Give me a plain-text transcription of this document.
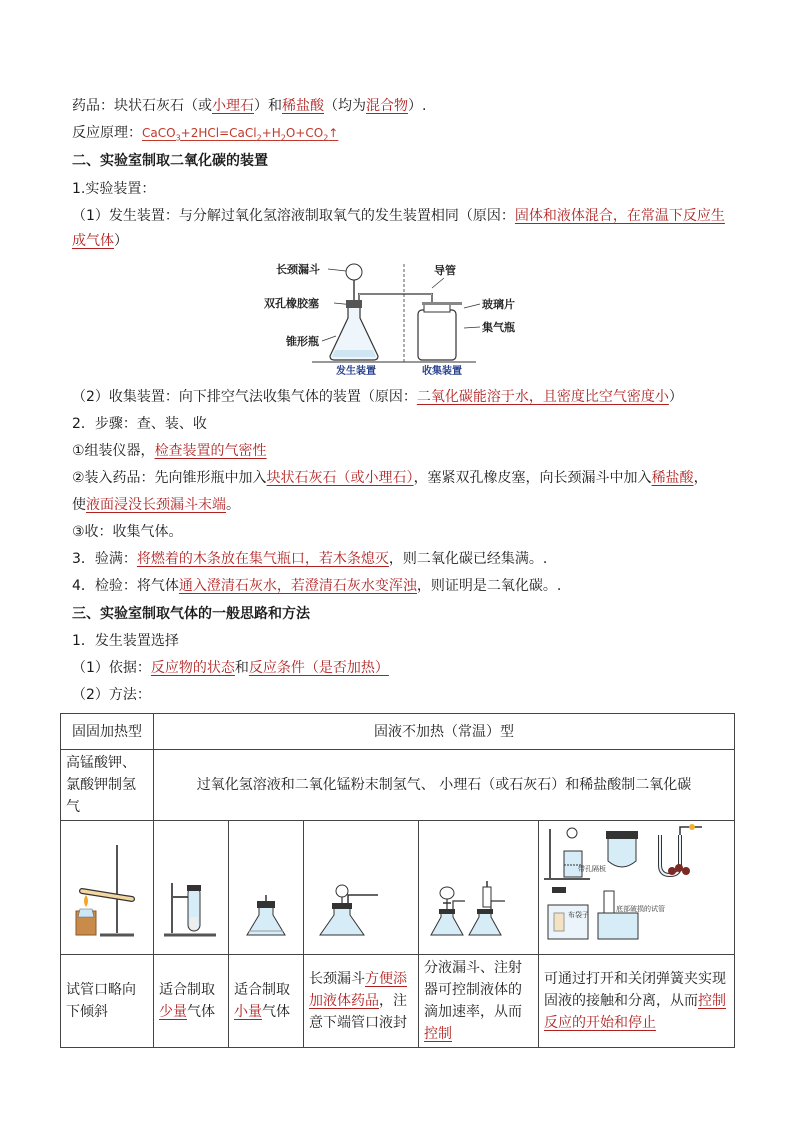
药品：块状石灰石（或小理石）和稀盐酸（均为混合物）.
反应原理：$CaCO_3+2HCl=CaCl_2+H_2O+CO_2↑$
二、实验室制取二氧化碳的装置
1.实验装置：
（1）发生装置：与分解过氧化氢溶液制取氧气的发生装置相同（原因：固体和液体混合，在常温下反应生
成气体）
长颈漏斗
双孔橡胶塞
锥形瓶
导管
玻璃片
集气瓶
发生装置	收集装置
（2）收集装置：向下排空气法收集气体的装置（原因：二氧化碳能溶于水，且密度比空气密度小）
2．步骤：查、装、收
①组装仪器，检查装置的气密性
②装入药品：先向锥形瓶中加入块状石灰石（或小理石），塞紧双孔橡皮塞，向长颈漏斗中加入稀盐酸，
使液面浸没长颈漏斗末端。
③收：收集气体。
3．验满：将燃着的木条放在集气瓶口，若木条熄灭，则二氧化碳已经集满。.
4．检验：将气体通入澄清石灰水，若澄清石灰水变浑浊，则证明是二氧化碳。.
三、实验室制取气体的一般思路和方法
1．发生装置选择
（1）依据：反应物的状态和反应条件（是否加热）
（2）方法：
固固加热型	固液不加热（常温）型				
高锰酸钾、氯酸钾制氢气	过氧化氢溶液和二氧化锰粉末制氢气、 小理石（或石灰石）和稀盐酸制二氧化碳				

带孔隔板
布袋子
底部破损的试管

试管口略向下倾斜	适合制取少量气体	适合制取小量气体	长颈漏斗方便添加液体药品，注意下端管口液封	分液漏斗、注射器可控制液体的滴加速率，从而控制	可通过打开和关闭弹簧夹实现固液的接触和分离，从而控制反应的开始和停止
